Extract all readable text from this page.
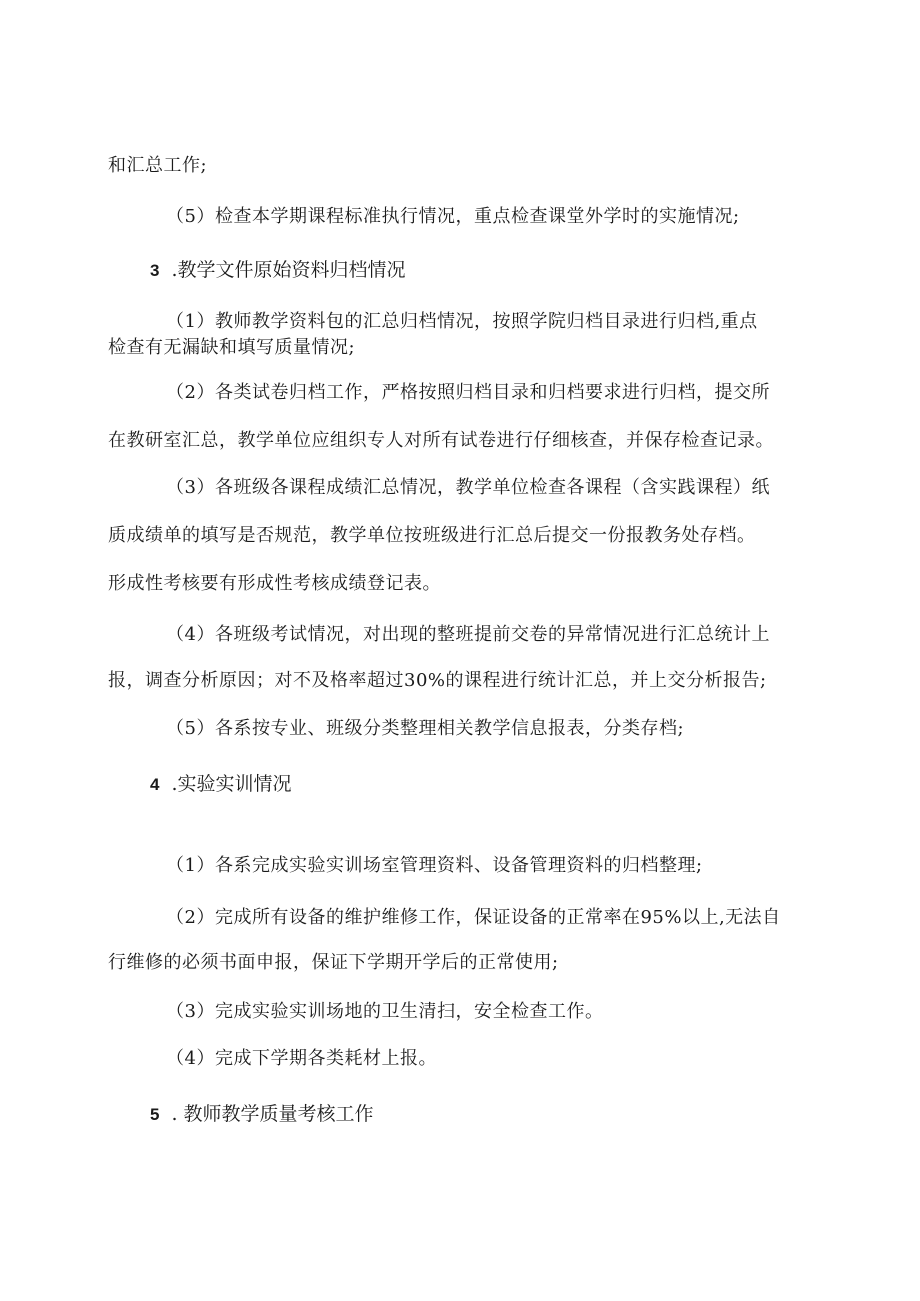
和汇总工作;
（5）检查本学期课程标准执行情况，重点检查课堂外学时的实施情况;
3 .教学文件原始资料归档情况
（1）教师教学资料包的汇总归档情况，按照学院归档目录进行归档,重点
检查有无漏缺和填写质量情况;
（2）各类试卷归档工作，严格按照归档目录和归档要求进行归档，提交所
在教研室汇总，教学单位应组织专人对所有试卷进行仔细核查，并保存检查记录。
（3）各班级各课程成绩汇总情况，教学单位检查各课程（含实践课程）纸
质成绩单的填写是否规范，教学单位按班级进行汇总后提交一份报教务处存档。
形成性考核要有形成性考核成绩登记表。
（4）各班级考试情况，对出现的整班提前交卷的异常情况进行汇总统计上
报，调查分析原因；对不及格率超过30%的课程进行统计汇总，并上交分析报告;
（5）各系按专业、班级分类整理相关教学信息报表，分类存档;
4 .实验实训情况
（1）各系完成实验实训场室管理资料、设备管理资料的归档整理;
（2）完成所有设备的维护维修工作，保证设备的正常率在95%以上,无法自
行维修的必须书面申报，保证下学期开学后的正常使用;
（3）完成实验实训场地的卫生清扫，安全检查工作。
（4）完成下学期各类耗材上报。
5 . 教师教学质量考核工作
